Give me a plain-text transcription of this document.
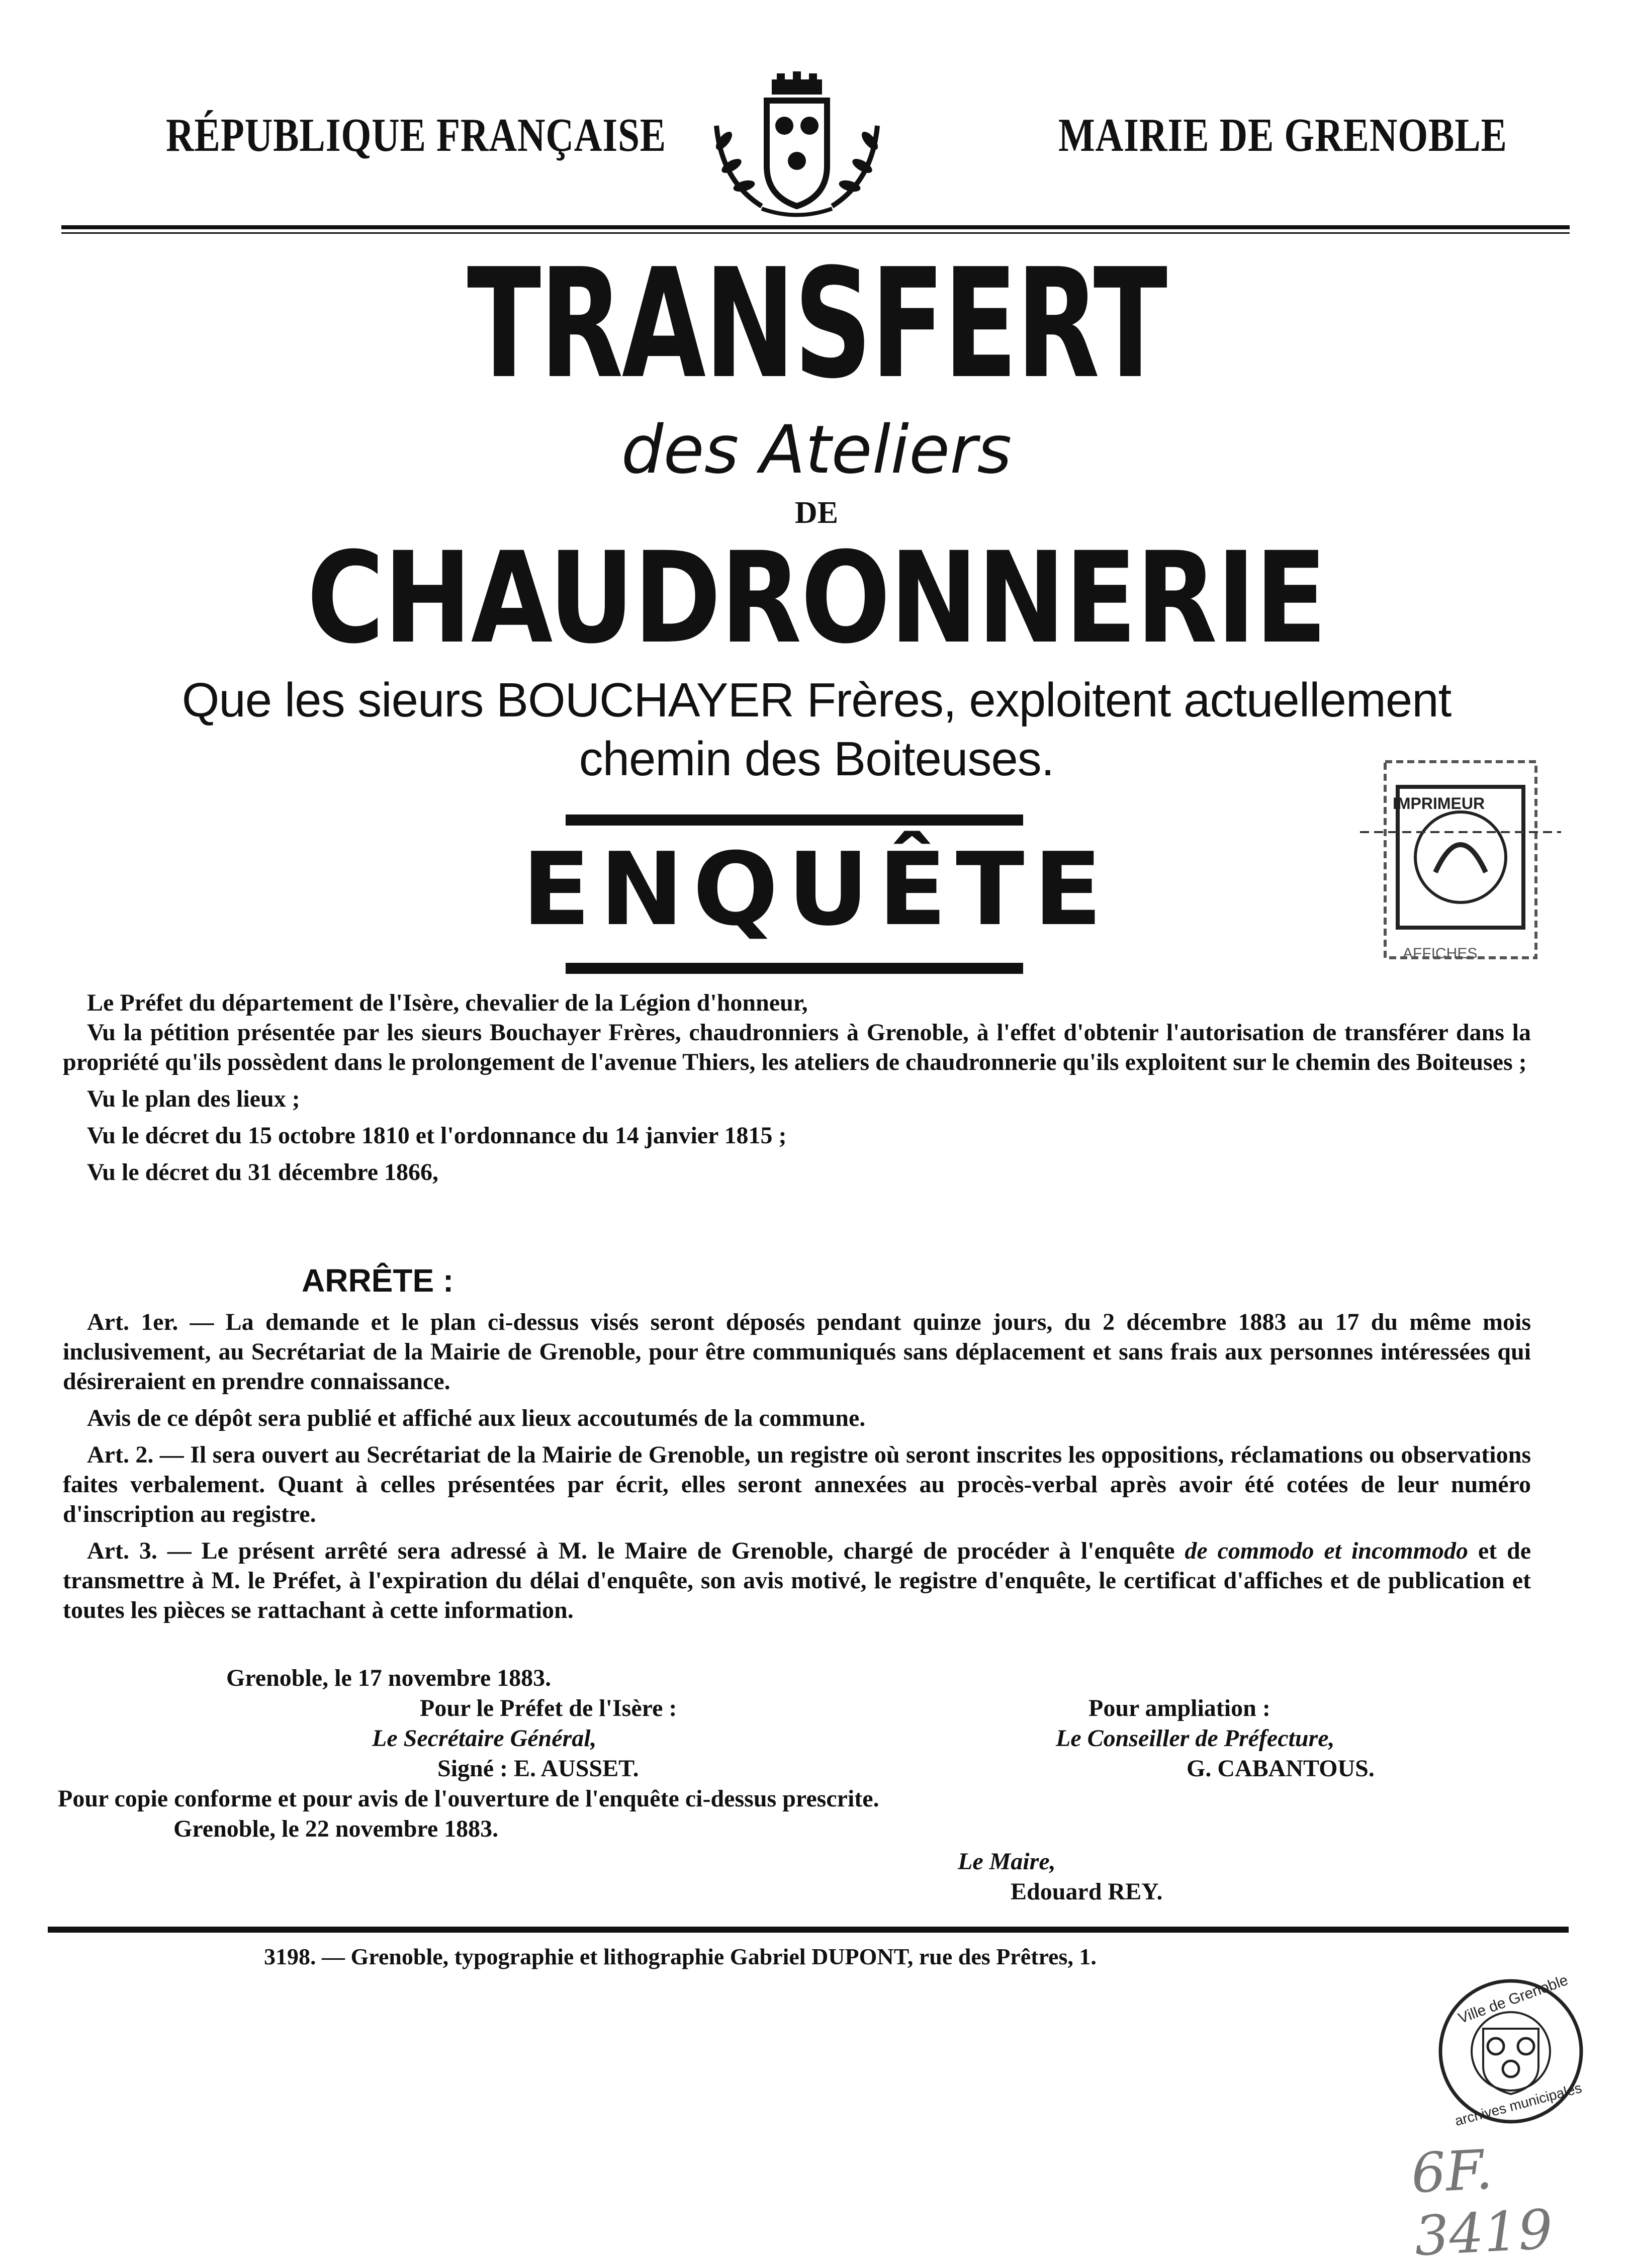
RÉPUBLIQUE FRANÇAISE	MAIRIE DE GRENOBLE
TRANSFERT
des Ateliers
DE
CHAUDRONNERIE
Que les sieurs BOUCHAYER Frères, exploitent actuellement
chemin des Boiteuses.
ENQUÊTE
IMPRIMEUR
AFFICHES

Le Préfet du département de l'Isère, chevalier de la Légion d'honneur,

Vu la pétition présentée par les sieurs Bouchayer Frères, chaudronniers à Grenoble, à l'effet d'obtenir l'autorisation de transférer dans la propriété qu'ils possèdent dans le prolongement de l'avenue Thiers, les ateliers de chaudronnerie qu'ils exploitent sur le chemin des Boiteuses ;

Vu le plan des lieux ;

Vu le décret du 15 octobre 1810 et l'ordonnance du 14 janvier 1815 ;

Vu le décret du 31 décembre 1866,

ARRÊTE :

Art. 1er. — La demande et le plan ci-dessus visés seront déposés pendant quinze jours, du 2 décembre 1883 au 17 du même mois inclusivement, au Secrétariat de la Mairie de Grenoble, pour être communiqués sans déplacement et sans frais aux personnes intéressées qui désireraient en prendre connaissance.

Avis de ce dépôt sera publié et affiché aux lieux accoutumés de la commune.

Art. 2. — Il sera ouvert au Secrétariat de la Mairie de Grenoble, un registre où seront inscrites les oppositions, réclamations ou observations faites verbalement. Quant à celles présentées par écrit, elles seront annexées au procès-verbal après avoir été cotées de leur numéro d'inscription au registre.

Art. 3. — Le présent arrêté sera adressé à M. le Maire de Grenoble, chargé de procéder à l'enquête de commodo et incommodo et de transmettre à M. le Préfet, à l'expiration du délai d'enquête, son avis motivé, le registre d'enquête, le certificat d'affiches et de publication et toutes les pièces se rattachant à cette information.

Grenoble, le 17 novembre 1883.
Pour le Préfet de l'Isère :
Le Secrétaire Général,
Signé : E. AUSSET.
Pour ampliation :
Le Conseiller de Préfecture,
G. CABANTOUS.
Pour copie conforme et pour avis de l'ouverture de l'enquête ci-dessus prescrite.
Grenoble, le 22 novembre 1883.
Le Maire,
Edouard REY.
3198. — Grenoble, typographie et lithographie Gabriel DUPONT, rue des Prêtres, 1.
Ville de Grenoble
archives municipales
6F. 3419
